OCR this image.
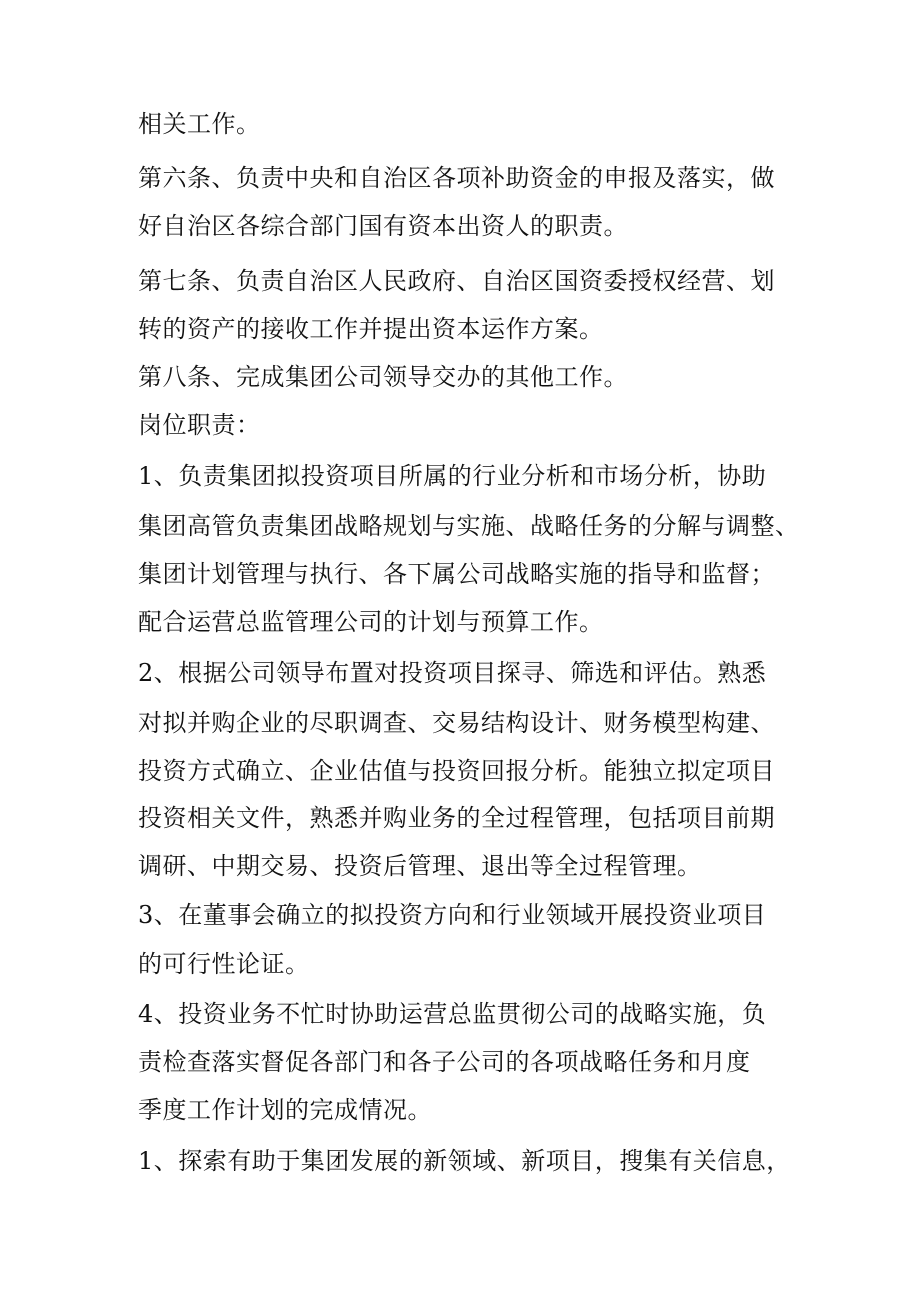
相关工作。
第六条、负责中央和自治区各项补助资金的申报及落实，做
好自治区各综合部门国有资本出资人的职责。
第七条、负责自治区人民政府、自治区国资委授权经营、划
转的资产的接收工作并提出资本运作方案。
第八条、完成集团公司领导交办的其他工作。
岗位职责：
1、负责集团拟投资项目所属的行业分析和市场分析，协助
集团高管负责集团战略规划与实施、战略任务的分解与调整、
集团计划管理与执行、各下属公司战略实施的指导和监督；
配合运营总监管理公司的计划与预算工作。
2、根据公司领导布置对投资项目探寻、筛选和评估。熟悉
对拟并购企业的尽职调查、交易结构设计、财务模型构建、
投资方式确立、企业估值与投资回报分析。能独立拟定项目
投资相关文件，熟悉并购业务的全过程管理，包括项目前期
调研、中期交易、投资后管理、退出等全过程管理。
3、在董事会确立的拟投资方向和行业领域开展投资业项目
的可行性论证。
4、投资业务不忙时协助运营总监贯彻公司的战略实施，负
责检查落实督促各部门和各子公司的各项战略任务和月度
季度工作计划的完成情况。
1、探索有助于集团发展的新领域、新项目，搜集有关信息，
